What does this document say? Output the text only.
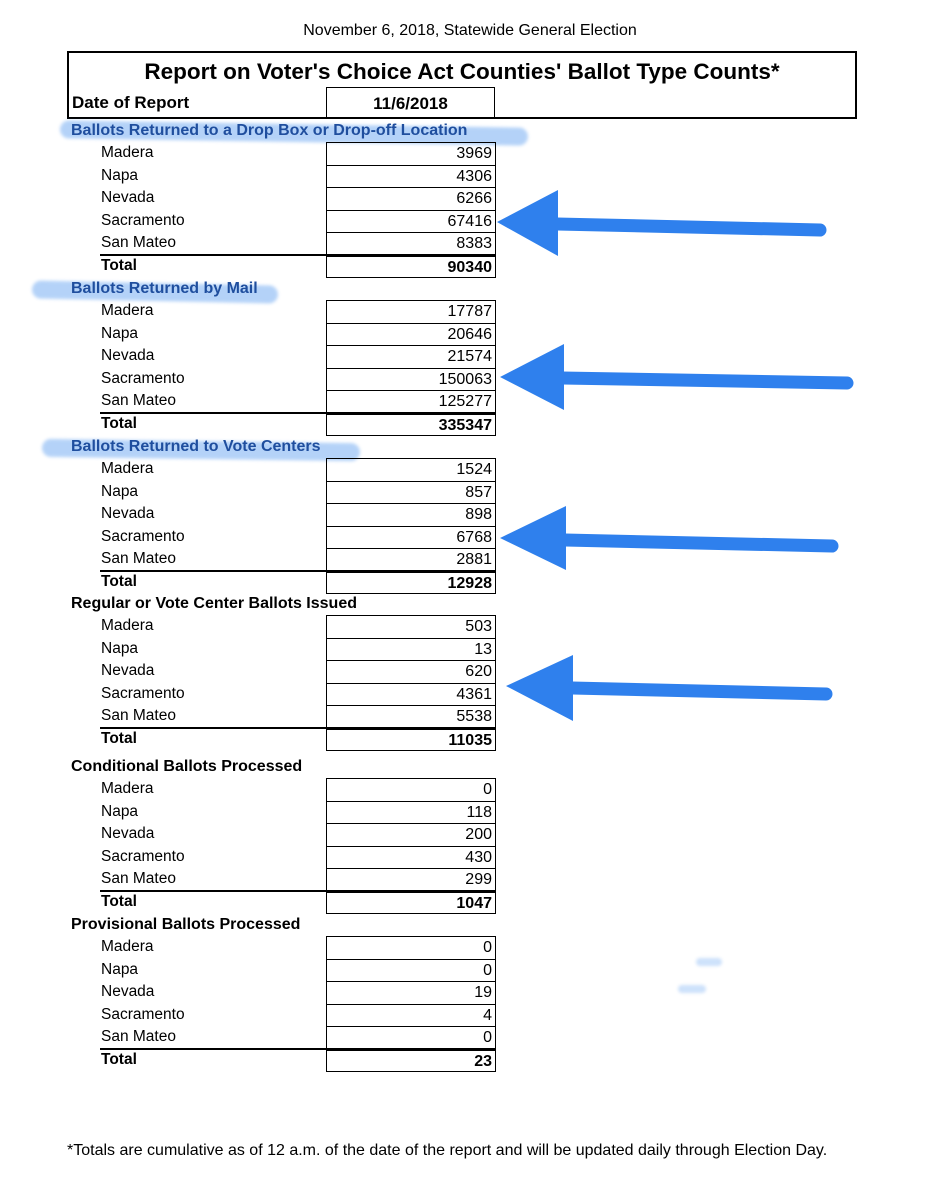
November 6, 2018, Statewide General Election
Report on Voter's Choice Act Counties' Ballot Type Counts*
Date of Report	11/6/2018
Ballots Returned to a Drop Box or Drop-off Location
Madera	3969
Napa	4306
Nevada	6266
Sacramento	67416
San Mateo	8383
Total	90340
Ballots Returned by Mail
Madera	17787
Napa	20646
Nevada	21574
Sacramento	150063
San Mateo	125277
Total	335347
Ballots Returned to Vote Centers
Madera	1524
Napa	857
Nevada	898
Sacramento	6768
San Mateo	2881
Total	12928
Regular or Vote Center Ballots Issued
Madera	503
Napa	13
Nevada	620
Sacramento	4361
San Mateo	5538
Total	11035
Conditional Ballots Processed
Madera	0
Napa	118
Nevada	200
Sacramento	430
San Mateo	299
Total	1047
Provisional Ballots Processed
Madera	0
Napa	0
Nevada	19
Sacramento	4
San Mateo	0
Total	23
*Totals are cumulative as of 12 a.m. of the date of the report and will be updated daily through Election Day.
